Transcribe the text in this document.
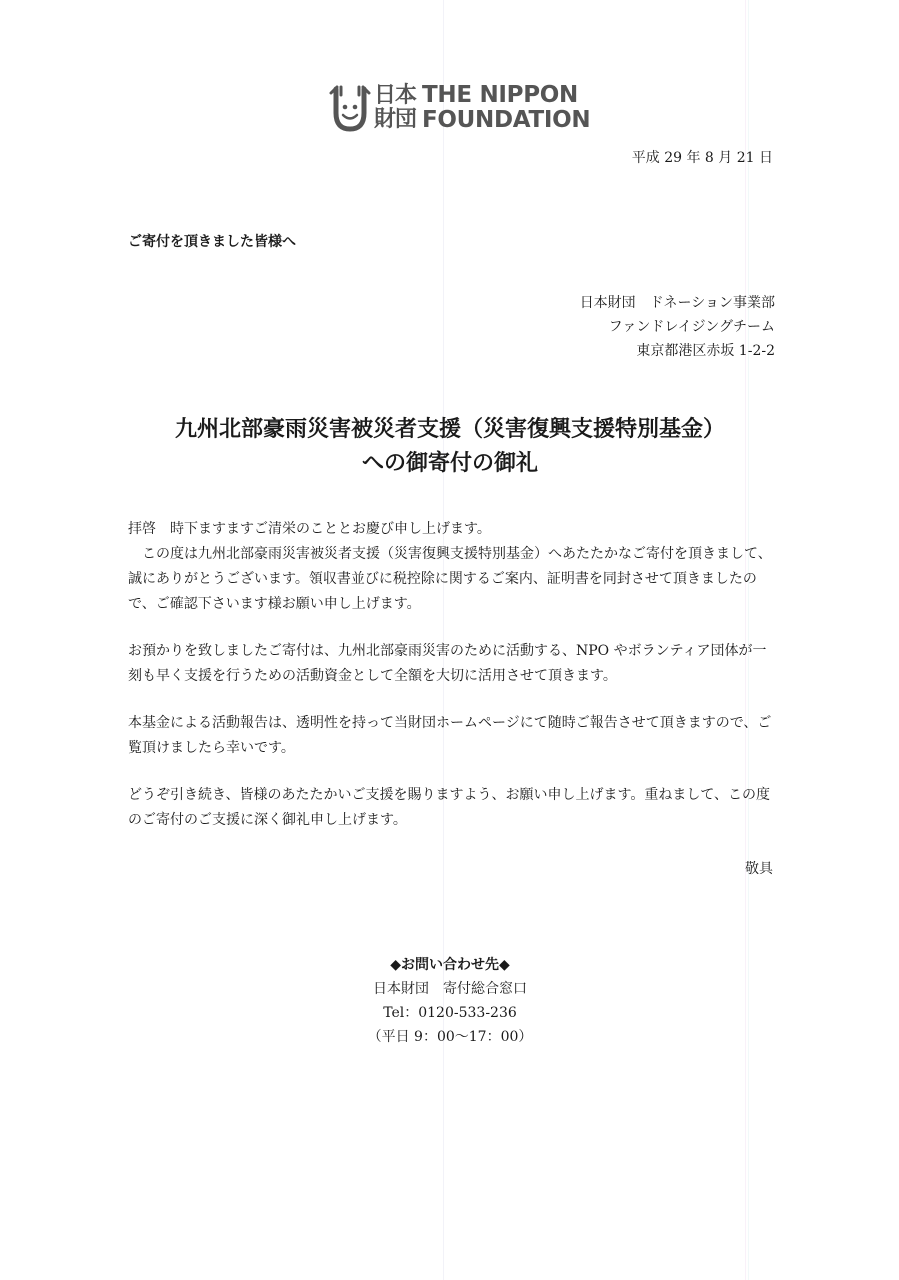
日本
財団
THE NIPPON
FOUNDATION
平成 29 年 8 月 21 日
ご寄付を頂きました皆様へ
日本財団　ドネーション事業部
ファンドレイジングチーム
東京都港区赤坂 1-2-2
九州北部豪雨災害被災者支援（災害復興支援特別基金）
への御寄付の御礼

拝啓　時下ますますご清栄のこととお慶び申し上げます。

この度は九州北部豪雨災害被災者支援（災害復興支援特別基金）へあたたかなご寄付を頂きまして、誠にありがとうございます。領収書並びに税控除に関するご案内、証明書を同封させて頂きましたので、ご確認下さいます様お願い申し上げます。

お預かりを致しましたご寄付は、九州北部豪雨災害のために活動する、NPO やボランティア団体が一刻も早く支援を行うための活動資金として全額を大切に活用させて頂きます。

本基金による活動報告は、透明性を持って当財団ホームページにて随時ご報告させて頂きますので、ご覧頂けましたら幸いです。

どうぞ引き続き、皆様のあたたかいご支援を賜りますよう、お願い申し上げます。重ねまして、この度のご寄付のご支援に深く御礼申し上げます。

敬具
◆お問い合わせ先◆
日本財団　寄付総合窓口
Tel：0120-533-236
（平日 9：00～17：00）
